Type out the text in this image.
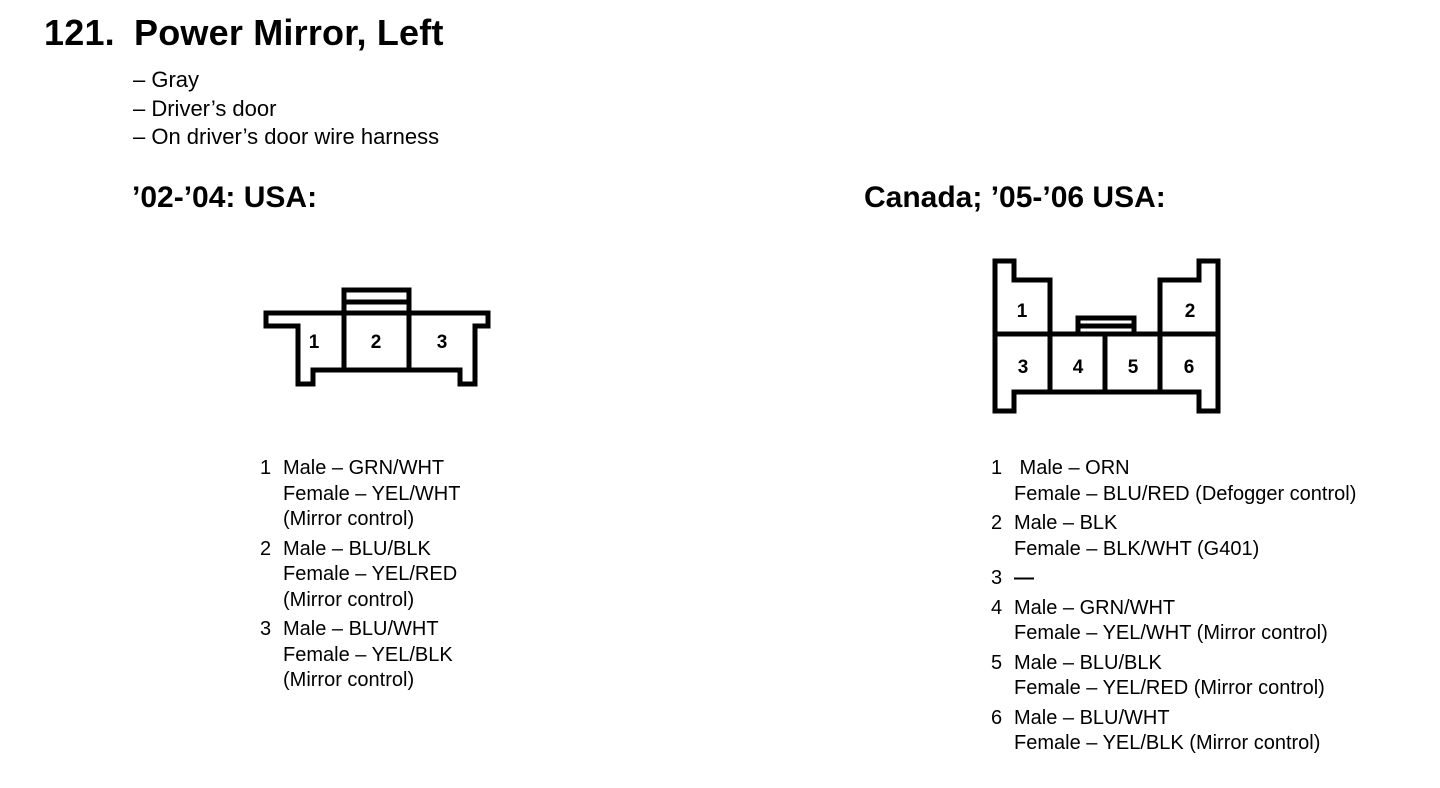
121. Power Mirror, Left
– Gray
– Driver’s door
– On driver’s door wire harness
’02-’04: USA:	Canada; ’05-’06 USA:
1	2	3
1	2
3 4 5 6
1 Male – GRN/WHT
Female – YEL/WHT
(Mirror control)
2 Male – BLU/BLK
Female – YEL/RED
(Mirror control)
3 Male – BLU/WHT
Female – YEL/BLK
(Mirror control)
1 Male – ORN
Female – BLU/RED (Defogger control)
2 Male – BLK
Female – BLK/WHT (G401)
3 —
4 Male – GRN/WHT
Female – YEL/WHT (Mirror control)
5 Male – BLU/BLK
Female – YEL/RED (Mirror control)
6 Male – BLU/WHT
Female – YEL/BLK (Mirror control)
